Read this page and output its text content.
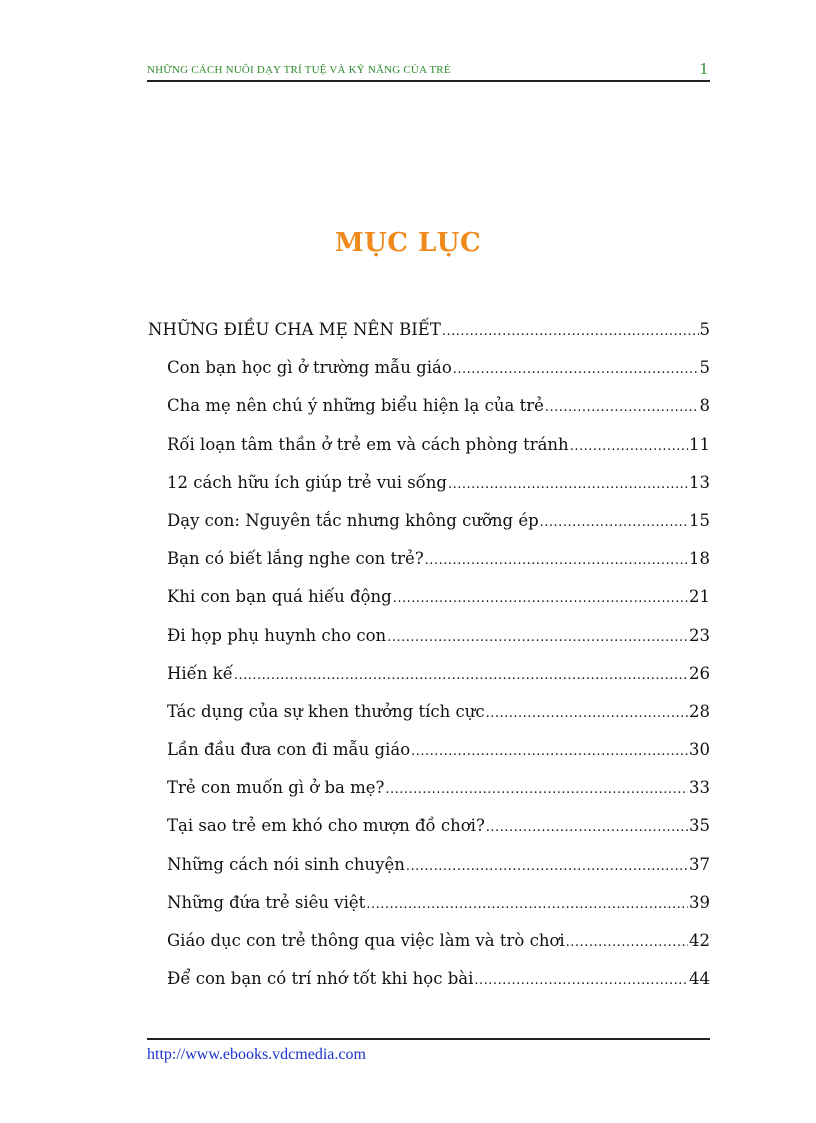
NHỮNG CÁCH NUÔI DẠY TRÍ TUỆ VÀ KỸ NĂNG CỦA TRẺ	1
MỤC LỤC
NHỮNG ĐIỀU CHA MẸ NÊN BIẾT .....	5
Con bạn học gì ở trường mẫu giáo .....	5
Cha mẹ nên chú ý những biểu hiện lạ của trẻ .....	8
Rối loạn tâm thần ở trẻ em và cách phòng tránh .....	11
12 cách hữu ích giúp trẻ vui sống .....	13
Dạy con: Nguyên tắc nhưng không cưỡng ép .....	15
Bạn có biết lắng nghe con trẻ? .....	18
Khi con bạn quá hiếu động .....	21
Đi họp phụ huynh cho con .....	23
Hiến kế .....	26
Tác dụng của sự khen thưởng tích cực .....	28
Lần đầu đưa con đi mẫu giáo .....	30
Trẻ con muốn gì ở ba mẹ? .....	33
Tại sao trẻ em khó cho mượn đồ chơi? .....	35
Những cách nói sinh chuyện .....	37
Những đứa trẻ siêu việt .....	39
Giáo dục con trẻ thông qua việc làm và trò chơi .....	42
Để con bạn có trí nhớ tốt khi học bài .....	44
http://www.ebooks.vdcmedia.com
